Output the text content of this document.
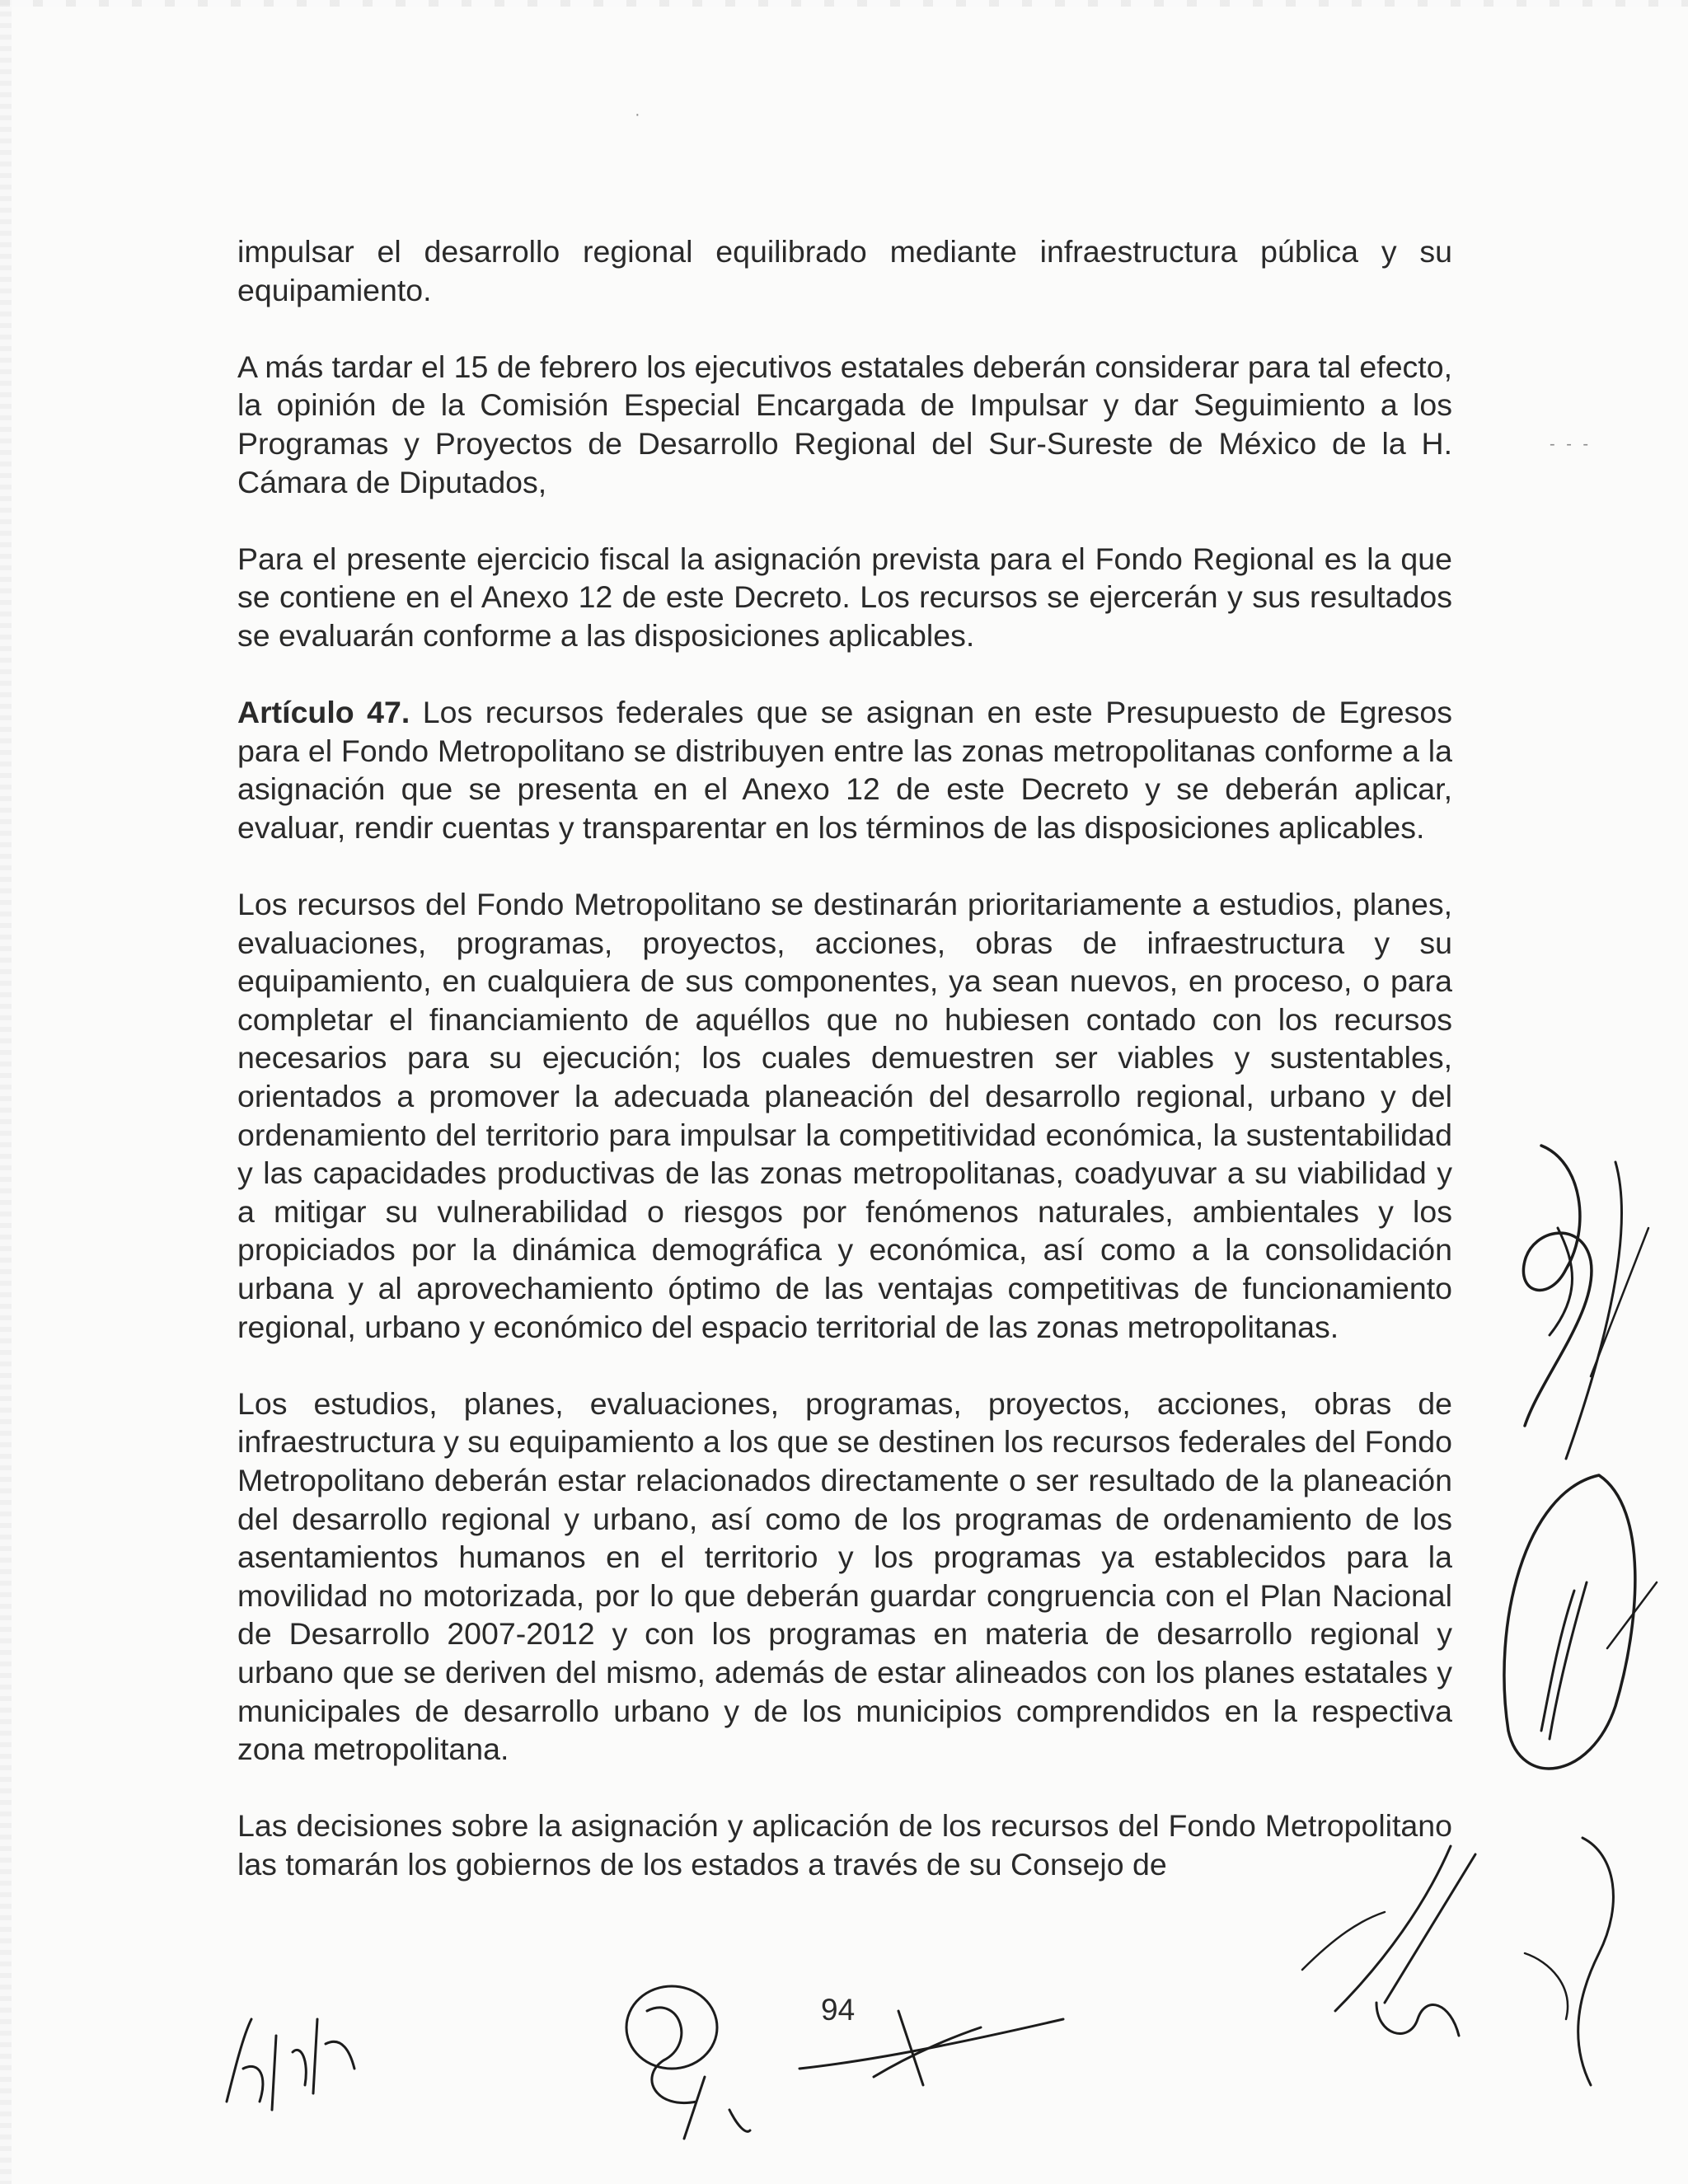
·
- - -

impulsar el desarrollo regional equilibrado mediante infraestructura pública y su equipamiento.

A más tardar el 15 de febrero los ejecutivos estatales deberán considerar para tal efecto, la opinión de la Comisión Especial Encargada de Impulsar y dar Seguimiento a los Programas y Proyectos de Desarrollo Regional del Sur-Sureste de México de la H. Cámara de Diputados,

Para el presente ejercicio fiscal la asignación prevista para el Fondo Regional es la que se contiene en el Anexo 12 de este Decreto. Los recursos se ejercerán y sus resultados se evaluarán conforme a las disposiciones aplicables.

Artículo 47. Los recursos federales que se asignan en este Presupuesto de Egresos para el Fondo Metropolitano se distribuyen entre las zonas metropolitanas conforme a la asignación que se presenta en el Anexo 12 de este Decreto y se deberán aplicar, evaluar, rendir cuentas y transparentar en los términos de las disposiciones aplicables.

Los recursos del Fondo Metropolitano se destinarán prioritariamente a estudios, planes, evaluaciones, programas, proyectos, acciones, obras de infraestructura y su equipamiento, en cualquiera de sus componentes, ya sean nuevos, en proceso, o para completar el financiamiento de aquéllos que no hubiesen contado con los recursos necesarios para su ejecución; los cuales demuestren ser viables y sustentables, orientados a promover la adecuada planeación del desarrollo regional, urbano y del ordenamiento del territorio para impulsar la competitividad económica, la sustentabilidad y las capacidades productivas de las zonas metropolitanas, coadyuvar a su viabilidad y a mitigar su vulnerabilidad o riesgos por fenómenos naturales, ambientales y los propiciados por la dinámica demográfica y económica, así como a la consolidación urbana y al aprovechamiento óptimo de las ventajas competitivas de funcionamiento regional, urbano y económico del espacio territorial de las zonas metropolitanas.

Los estudios, planes, evaluaciones, programas, proyectos, acciones, obras de infraestructura y su equipamiento a los que se destinen los recursos federales del Fondo Metropolitano deberán estar relacionados directamente o ser resultado de la planeación del desarrollo regional y urbano, así como de los programas de ordenamiento de los asentamientos humanos en el territorio y los programas ya establecidos para la movilidad no motorizada, por lo que deberán guardar congruencia con el Plan Nacional de Desarrollo 2007-2012 y con los programas en materia de desarrollo regional y urbano que se deriven del mismo, además de estar alineados con los planes estatales y municipales de desarrollo urbano y de los municipios comprendidos en la respectiva zona metropolitana.

Las decisiones sobre la asignación y aplicación de los recursos del Fondo Metropolitano las tomarán los gobiernos de los estados a través de su Consejo de

94
